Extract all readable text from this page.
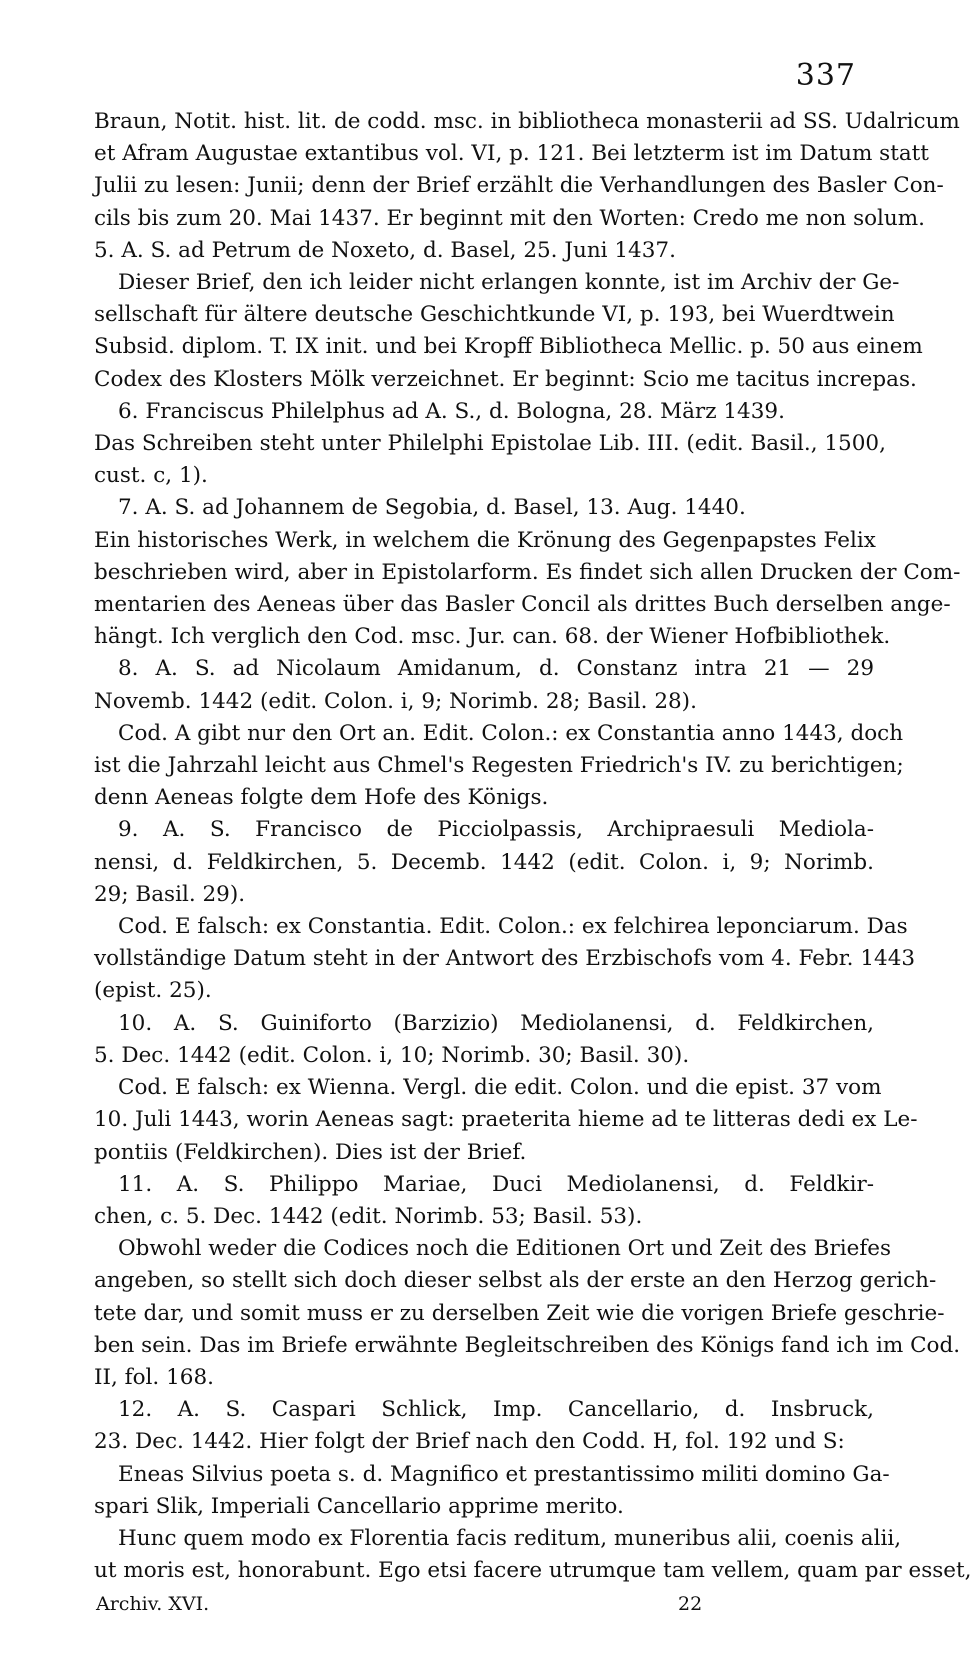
337
Braun, Notit. hist. lit. de codd. msc. in bibliotheca monasterii ad SS. Udalricum
et Afram Augustae extantibus vol. VI, p. 121. Bei letzterm ist im Datum statt
Julii zu lesen: Junii; denn der Brief erzählt die Verhandlungen des Basler Con-
cils bis zum 20. Mai 1437. Er beginnt mit den Worten: Credo me non solum.
5. A. S. ad Petrum de Noxeto, d. Basel, 25. Juni 1437.
Dieser Brief, den ich leider nicht erlangen konnte, ist im Archiv der Ge-
sellschaft für ältere deutsche Geschichtkunde VI, p. 193, bei Wuerdtwein
Subsid. diplom. T. IX init. und bei Kropff Bibliotheca Mellic. p. 50 aus einem
Codex des Klosters Mölk verzeichnet. Er beginnt: Scio me tacitus increpas.
6. Franciscus Philelphus ad A. S., d. Bologna, 28. März 1439.
Das Schreiben steht unter Philelphi Epistolae Lib. III. (edit. Basil., 1500,
cust. c, 1).
7. A. S. ad Johannem de Segobia, d. Basel, 13. Aug. 1440.
Ein historisches Werk, in welchem die Krönung des Gegenpapstes Felix
beschrieben wird, aber in Epistolarform. Es findet sich allen Drucken der Com-
mentarien des Aeneas über das Basler Concil als drittes Buch derselben ange-
hängt. Ich verglich den Cod. msc. Jur. can. 68. der Wiener Hofbibliothek.
8. A. S. ad Nicolaum Amidanum, d. Constanz intra 21 — 29
Novemb. 1442 (edit. Colon. i, 9; Norimb. 28; Basil. 28).
Cod. A gibt nur den Ort an. Edit. Colon.: ex Constantia anno 1443, doch
ist die Jahrzahl leicht aus Chmel's Regesten Friedrich's IV. zu berichtigen;
denn Aeneas folgte dem Hofe des Königs.
9. A. S. Francisco de Picciolpassis, Archipraesuli Mediola-
nensi, d. Feldkirchen, 5. Decemb. 1442 (edit. Colon. i, 9; Norimb.
29; Basil. 29).
Cod. E falsch: ex Constantia. Edit. Colon.: ex felchirea leponciarum. Das
vollständige Datum steht in der Antwort des Erzbischofs vom 4. Febr. 1443
(epist. 25).
10. A. S. Guiniforto (Barzizio) Mediolanensi, d. Feldkirchen,
5. Dec. 1442 (edit. Colon. i, 10; Norimb. 30; Basil. 30).
Cod. E falsch: ex Wienna. Vergl. die edit. Colon. und die epist. 37 vom
10. Juli 1443, worin Aeneas sagt: praeterita hieme ad te litteras dedi ex Le-
pontiis (Feldkirchen). Dies ist der Brief.
11. A. S. Philippo Mariae, Duci Mediolanensi, d. Feldkir-
chen, c. 5. Dec. 1442 (edit. Norimb. 53; Basil. 53).
Obwohl weder die Codices noch die Editionen Ort und Zeit des Briefes
angeben, so stellt sich doch dieser selbst als der erste an den Herzog gerich-
tete dar, und somit muss er zu derselben Zeit wie die vorigen Briefe geschrie-
ben sein. Das im Briefe erwähnte Begleitschreiben des Königs fand ich im Cod.
II, fol. 168.
12. A. S. Caspari Schlick, Imp. Cancellario, d. Insbruck,
23. Dec. 1442. Hier folgt der Brief nach den Codd. H, fol. 192 und S:
Eneas Silvius poeta s. d. Magnifico et prestantissimo militi domino Ga-
spari Slik, Imperiali Cancellario apprime merito.
Hunc quem modo ex Florentia facis reditum, muneribus alii, coenis alii,
ut moris est, honorabunt. Ego etsi facere utrumque tam vellem, quam par esset,
Archiv. XVI.	22
